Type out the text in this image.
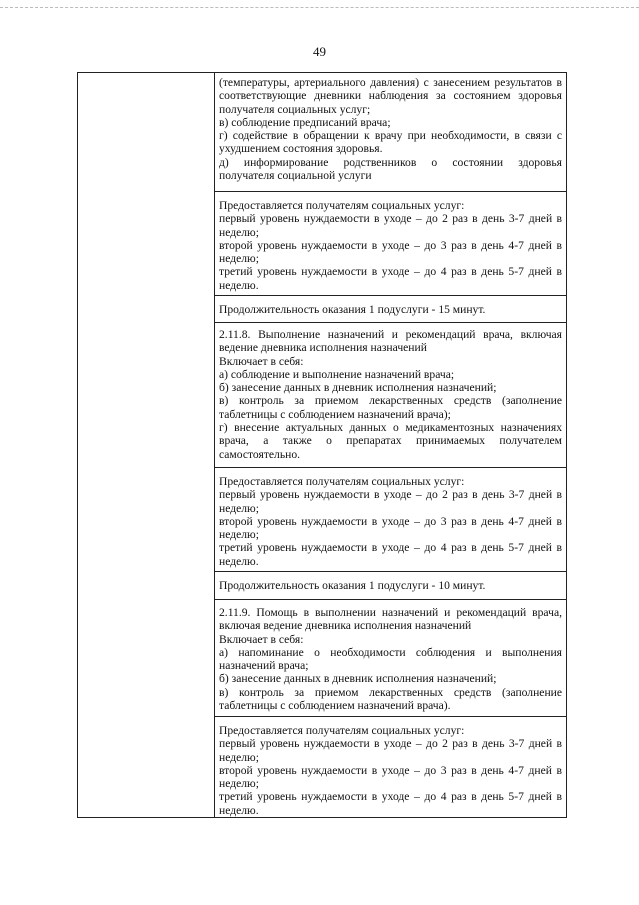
49
(температуры, артериального давления) с занесением результатов в
соответствующие дневники наблюдения за состоянием здоровья
получателя социальных услуг;
в) соблюдение предписаний врача;
г) содействие в обращении к врачу при необходимости, в связи с
ухудшением состояния здоровья.
д) информирование родственников о состоянии здоровья
получателя социальной услуги
Предоставляется получателям социальных услуг:
первый уровень нуждаемости в уходе – до 2 раз в день 3-7 дней в
неделю;
второй уровень нуждаемости в уходе – до 3 раз в день 4-7 дней в
неделю;
третий уровень нуждаемости в уходе – до 4 раз в день 5-7 дней в
неделю.
Продолжительность оказания 1 подуслуги - 15 минут.
2.11.8. Выполнение назначений и рекомендаций врача, включая
ведение дневника исполнения назначений
Включает в себя:
а) соблюдение и выполнение назначений врача;
б) занесение данных в дневник исполнения назначений;
в) контроль за приемом лекарственных средств (заполнение
таблетницы с соблюдением назначений врача);
г) внесение актуальных данных о медикаментозных назначениях
врача, а также о препаратах принимаемых получателем
самостоятельно.
Предоставляется получателям социальных услуг:
первый уровень нуждаемости в уходе – до 2 раз в день 3-7 дней в
неделю;
второй уровень нуждаемости в уходе – до 3 раз в день 4-7 дней в
неделю;
третий уровень нуждаемости в уходе – до 4 раз в день 5-7 дней в
неделю.
Продолжительность оказания 1 подуслуги - 10 минут.
2.11.9. Помощь в выполнении назначений и рекомендаций врача,
включая ведение дневника исполнения назначений
Включает в себя:
а) напоминание о необходимости соблюдения и выполнения
назначений врача;
б) занесение данных в дневник исполнения назначений;
в) контроль за приемом лекарственных средств (заполнение
таблетницы с соблюдением назначений врача).
Предоставляется получателям социальных услуг:
первый уровень нуждаемости в уходе – до 2 раз в день 3-7 дней в
неделю;
второй уровень нуждаемости в уходе – до 3 раз в день 4-7 дней в
неделю;
третий уровень нуждаемости в уходе – до 4 раз в день 5-7 дней в
неделю.
